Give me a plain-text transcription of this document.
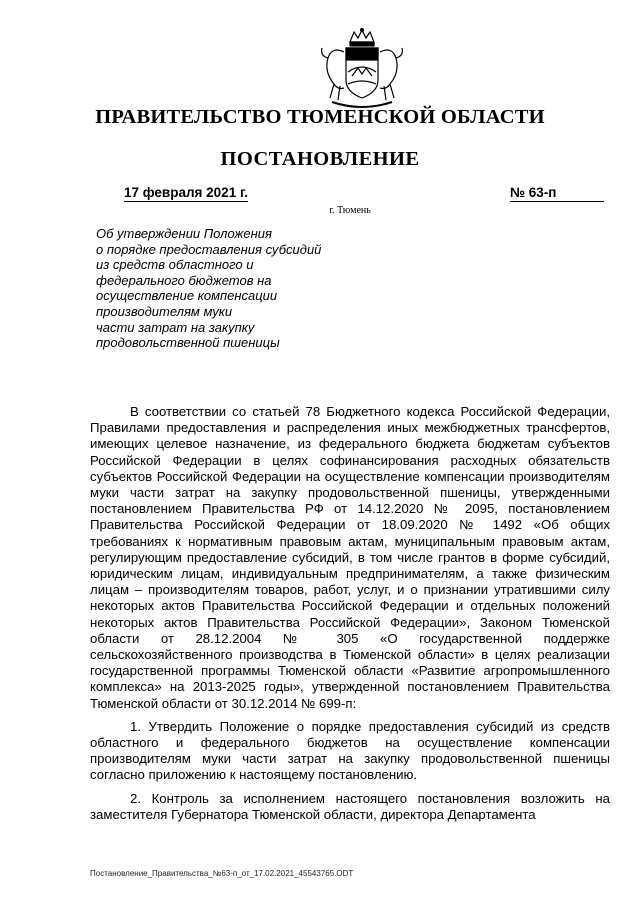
ПРАВИТЕЛЬСТВО ТЮМЕНСКОЙ ОБЛАСТИ
ПОСТАНОВЛЕНИЕ
17 февраля 2021 г.	№ 63-п
г. Тюмень
Об утверждении Положения
о порядке предоставления субсидий
из средств областного и
федерального бюджетов на
осуществление компенсации
производителям муки
части затрат на закупку
продовольственной пшеницы

В соответствии со статьей 78 Бюджетного кодекса Российской Федерации, Правилами предоставления и распределения иных межбюджетных трансфертов, имеющих целевое назначение, из федерального бюджета бюджетам субъектов Российской Федерации в целях софинансирования расходных обязательств субъектов Российской Федерации на осуществление компенсации производителям муки части затрат на закупку продовольственной пшеницы, утвержденными постановлением Правительства РФ от 14.12.2020 № 2095, постановлением Правительства Российской Федерации от 18.09.2020 № 1492 «Об общих требованиях к нормативным правовым актам, муниципальным правовым актам, регулирующим предоставление субсидий, в том числе грантов в форме субсидий, юридическим лицам, индивидуальным предпринимателям, а также физическим лицам – производителям товаров, работ, услуг, и о признании утратившими силу некоторых актов Правительства Российской Федерации и отдельных положений некоторых актов Правительства Российской Федерации», Законом Тюменской области от 28.12.2004 № 305 «О государственной поддержке сельскохозяйственного производства в Тюменской области» в целях реализации государственной программы Тюменской области «Развитие агропромышленного комплекса» на 2013-2025 годы», утвержденной постановлением Правительства Тюменской области от 30.12.2014 № 699-п:

1. Утвердить Положение о порядке предоставления субсидий из средств областного и федерального бюджетов на осуществление компенсации производителям муки части затрат на закупку продовольственной пшеницы согласно приложению к настоящему постановлению.

2. Контроль за исполнением настоящего постановления возложить на заместителя Губернатора Тюменской области, директора Департамента

Постановление_Правительства_№63-п_от_17.02.2021_45543765.ODT
